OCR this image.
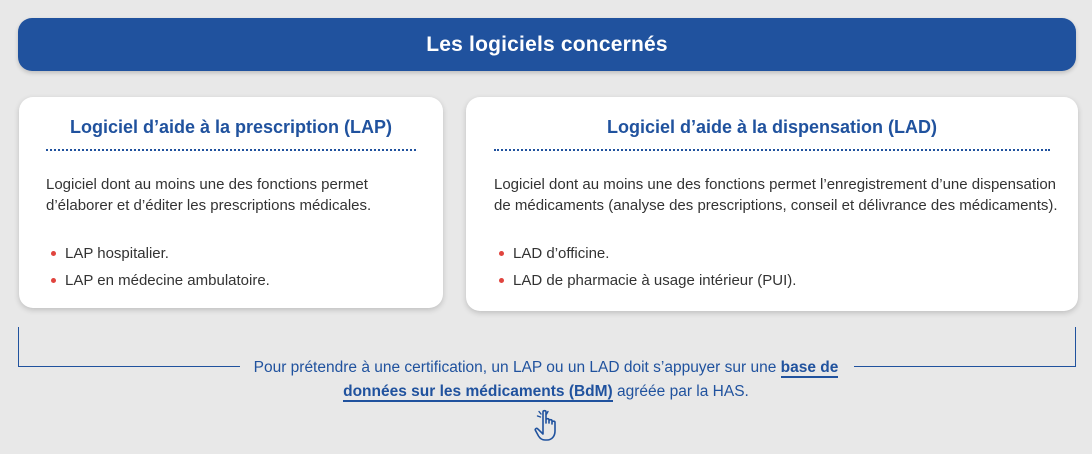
Les logiciels concernés
Logiciel d’aide à la prescription (LAP)
Logiciel dont au moins une des fonctions permet d’élaborer et d’éditer les prescriptions médicales.
LAP hospitalier.
LAP en médecine ambulatoire.
Logiciel d’aide à la dispensation (LAD)
Logiciel dont au moins une des fonctions permet l’enregistrement d’une dispensation de médicaments (analyse des prescriptions, conseil et délivrance des médicaments).
LAD d’officine.
LAD de pharmacie à usage intérieur (PUI).
Pour prétendre à une certification, un LAP ou un LAD doit s’appuyer sur une base de données sur les médicaments (BdM) agréée par la HAS.
